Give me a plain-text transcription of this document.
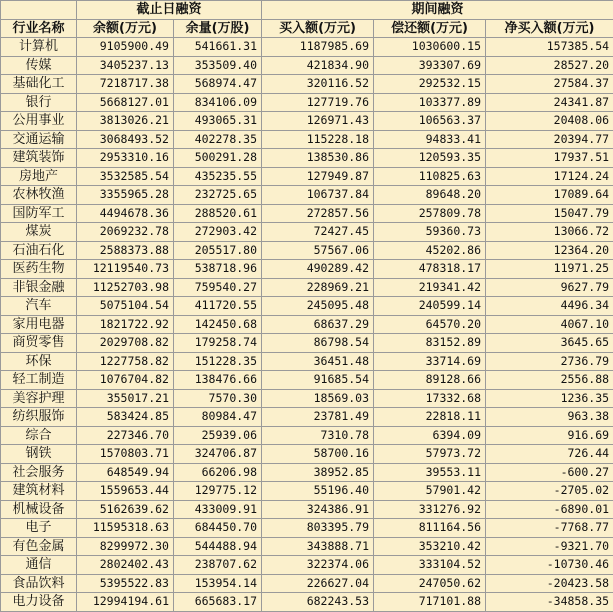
	截止日融资		期间融资		
行业名称	余额(万元)	余量(万股)	买入额(万元)	偿还额(万元)	净买入额(万元)
计算机	9105900.49	541661.31	1187985.69	1030600.15	157385.54
传媒	3405237.13	353509.40	421834.90	393307.69	28527.20
基础化工	7218717.38	568974.47	320116.52	292532.15	27584.37
银行	5668127.01	834106.09	127719.76	103377.89	24341.87
公用事业	3813026.21	493065.31	126971.43	106563.37	20408.06
交通运输	3068493.52	402278.35	115228.18	94833.41	20394.77
建筑装饰	2953310.16	500291.28	138530.86	120593.35	17937.51
房地产	3532585.54	435235.55	127949.87	110825.63	17124.24
农林牧渔	3355965.28	232725.65	106737.84	89648.20	17089.64
国防军工	4494678.36	288520.61	272857.56	257809.78	15047.79
煤炭	2069232.78	272903.42	72427.45	59360.73	13066.72
石油石化	2588373.88	205517.80	57567.06	45202.86	12364.20
医药生物	12119540.73	538718.96	490289.42	478318.17	11971.25
非银金融	11252703.98	759540.27	228969.21	219341.42	9627.79
汽车	5075104.54	411720.55	245095.48	240599.14	4496.34
家用电器	1821722.92	142450.68	68637.29	64570.20	4067.10
商贸零售	2029708.82	179258.74	86798.54	83152.89	3645.65
环保	1227758.82	151228.35	36451.48	33714.69	2736.79
轻工制造	1076704.82	138476.66	91685.54	89128.66	2556.88
美容护理	355017.21	7570.30	18569.03	17332.68	1236.35
纺织服饰	583424.85	80984.47	23781.49	22818.11	963.38
综合	227346.70	25939.06	7310.78	6394.09	916.69
钢铁	1570803.71	324706.87	58700.16	57973.72	726.44
社会服务	648549.94	66206.98	38952.85	39553.11	-600.27
建筑材料	1559653.44	129775.12	55196.40	57901.42	-2705.02
机械设备	5162639.62	433009.91	324386.91	331276.92	-6890.01
电子	11595318.63	684450.70	803395.79	811164.56	-7768.77
有色金属	8299972.30	544488.94	343888.71	353210.42	-9321.70
通信	2802402.43	238707.62	322374.06	333104.52	-10730.46
食品饮料	5395522.83	153954.14	226627.04	247050.62	-20423.58
电力设备	12994194.61	665683.17	682243.53	717101.88	-34858.35
